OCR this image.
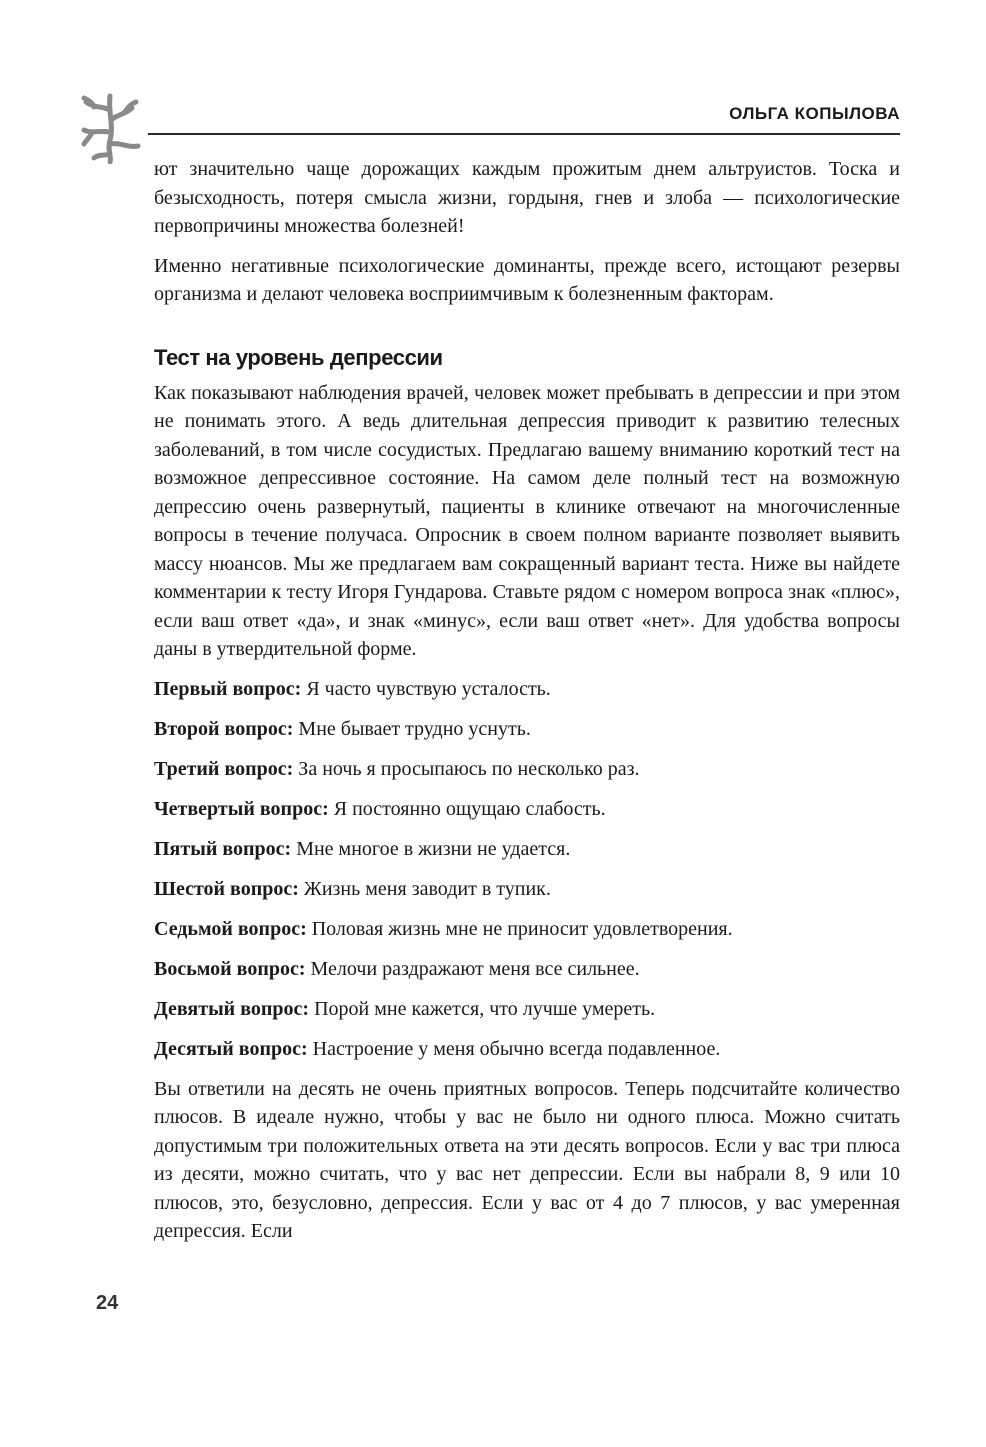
ОЛЬГА КОПЫЛОВА

ют значительно чаще дорожащих каждым прожитым днем альтруистов. Тоска и безысходность, потеря смысла жизни, гордыня, гнев и злоба — психологические первопричины множества болезней!

Именно негативные психологические доминанты, прежде всего, истощают резервы организма и делают человека восприимчивым к болезненным факторам.

Тест на уровень депрессии

Как показывают наблюдения врачей, человек может пребывать в депрессии и при этом не понимать этого. А ведь длительная депрессия приводит к развитию телесных заболеваний, в том числе сосудистых. Предлагаю вашему вниманию короткий тест на возможное депрессивное состояние. На самом деле полный тест на возможную депрессию очень развернутый, пациенты в клинике отвечают на многочисленные вопросы в течение получаса. Опросник в своем полном варианте позволяет выявить массу нюансов. Мы же предлагаем вам сокращенный вариант теста. Ниже вы найдете комментарии к тесту Игоря Гундарова. Ставьте рядом с номером вопроса знак «плюс», если ваш ответ «да», и знак «минус», если ваш ответ «нет». Для удобства вопросы даны в утвердительной форме.

Первый вопрос: Я часто чувствую усталость.

Второй вопрос: Мне бывает трудно уснуть.

Третий вопрос: За ночь я просыпаюсь по несколько раз.

Четвертый вопрос: Я постоянно ощущаю слабость.

Пятый вопрос: Мне многое в жизни не удается.

Шестой вопрос: Жизнь меня заводит в тупик.

Седьмой вопрос: Половая жизнь мне не приносит удовлетворения.

Восьмой вопрос: Мелочи раздражают меня все сильнее.

Девятый вопрос: Порой мне кажется, что лучше умереть.

Десятый вопрос: Настроение у меня обычно всегда подавленное.

Вы ответили на десять не очень приятных вопросов. Теперь подсчитайте количество плюсов. В идеале нужно, чтобы у вас не было ни одного плюса. Можно считать допустимым три положительных ответа на эти десять вопросов. Если у вас три плюса из десяти, можно считать, что у вас нет депрессии. Если вы набрали 8, 9 или 10 плюсов, это, безусловно, депрессия. Если у вас от 4 до 7 плюсов, у вас умеренная депрессия. Если

24
